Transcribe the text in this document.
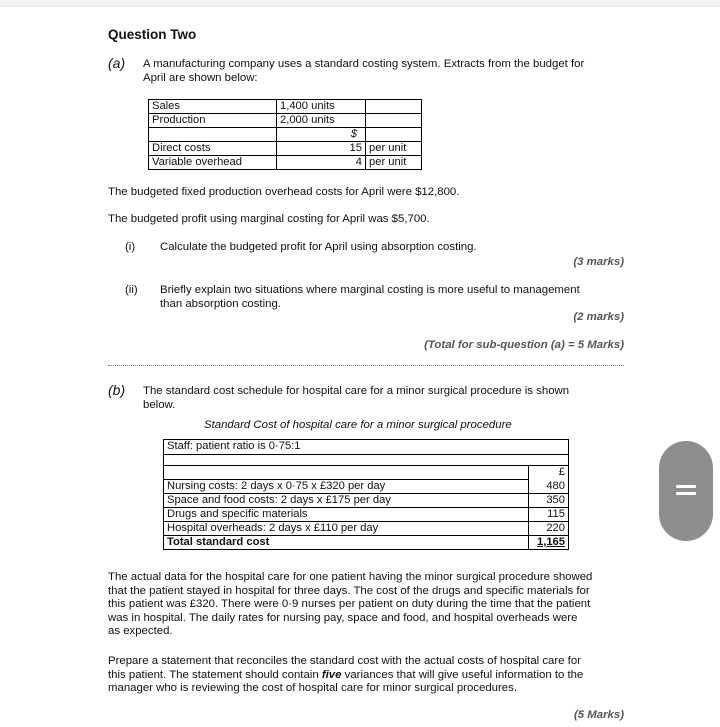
Question Two
(a) A manufacturing company uses a standard costing system. Extracts from the budget for
April are shown below:
Sales	1,400 units	
Production	2,000 units	
	$	
Direct costs	15	per unit
Variable overhead	4	per unit
The budgeted fixed production overhead costs for April were $12,800.
The budgeted profit using marginal costing for April was $5,700.
(i) Calculate the budgeted profit for April using absorption costing.
(3 marks)
(ii) Briefly explain two situations where marginal costing is more useful to management
than absorption costing.
(2 marks)
(Total for sub-question (a) = 5 Marks)
(b) The standard cost schedule for hospital care for a minor surgical procedure is shown
below.
Standard Cost of hospital care for a minor surgical procedure
Staff: patient ratio is 0·75:1	

	£
Nursing costs: 2 days x 0·75 x £320 per day	480
Space and food costs: 2 days x £175 per day	350
Drugs and specific materials	115
Hospital overheads: 2 days x £110 per day	220
Total standard cost	1,165
The actual data for the hospital care for one patient having the minor surgical procedure showed
that the patient stayed in hospital for three days. The cost of the drugs and specific materials for
this patient was £320. There were 0·9 nurses per patient on duty during the time that the patient
was in hospital. The daily rates for nursing pay, space and food, and hospital overheads were
as expected.
Prepare a statement that reconciles the standard cost with the actual costs of hospital care for
this patient. The statement should contain five variances that will give useful information to the
manager who is reviewing the cost of hospital care for minor surgical procedures.
(5 Marks)
